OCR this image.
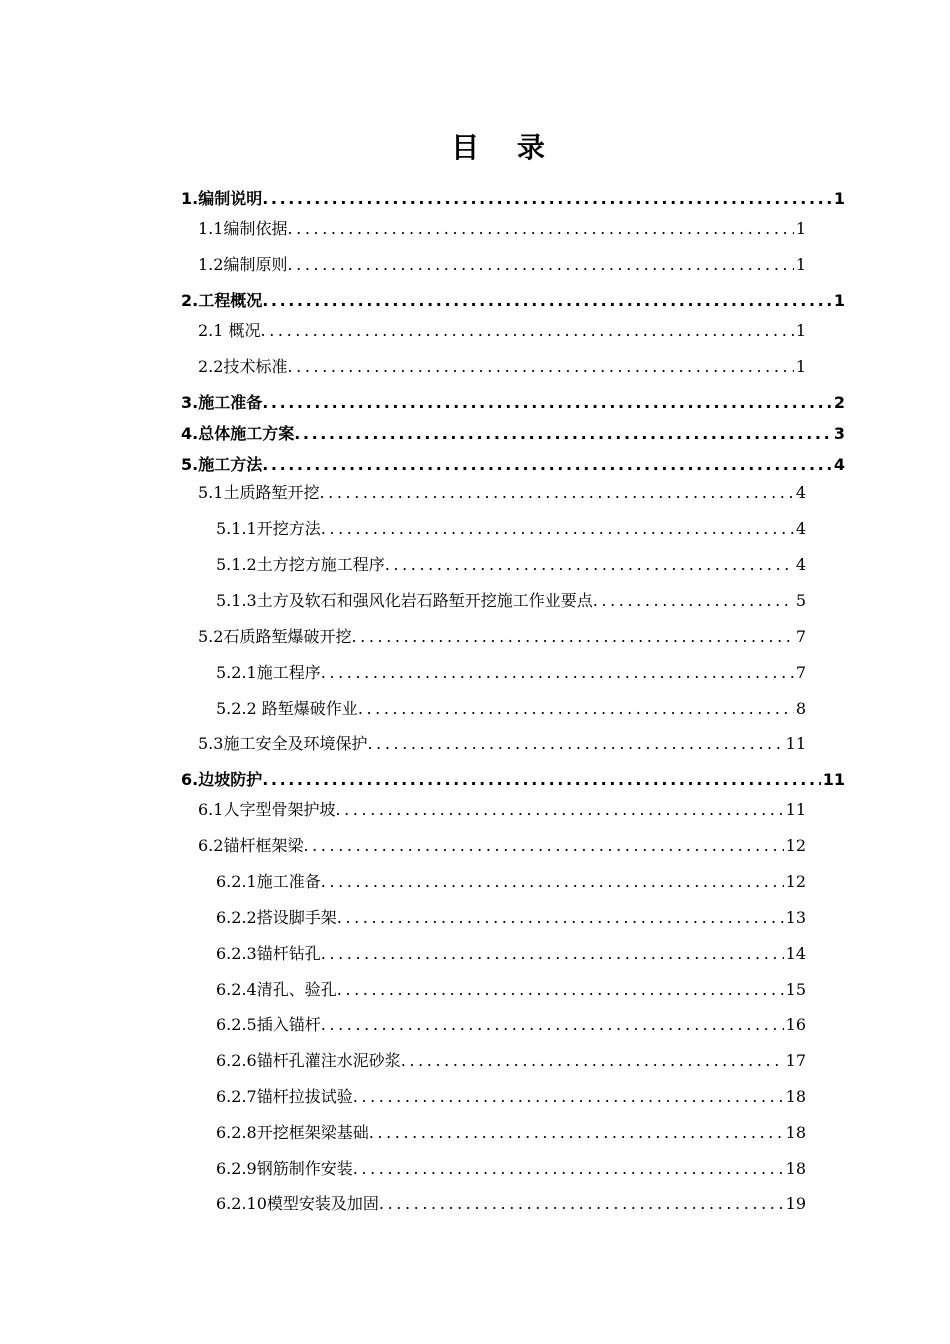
目 录
1.编制说明 .....	1
1.1编制依据 .....	1
1.2编制原则 .....	1
2.工程概况 .....	1
2.1 概况 .....	1
2.2技术标准 .....	1
3.施工准备 .....	2
4.总体施工方案 .....	3
5.施工方法 .....	4
5.1土质路堑开挖 .....	4
5.1.1开挖方法 .....	4
5.1.2土方挖方施工程序 .....	4
5.1.3土方及软石和强风化岩石路堑开挖施工作业要点 .....	5
5.2石质路堑爆破开挖 .....	7
5.2.1施工程序 .....	7
5.2.2 路堑爆破作业 .....	8
5.3施工安全及环境保护 .....	11
6.边坡防护 .....	11
6.1人字型骨架护坡 .....	11
6.2锚杆框架梁 .....	12
6.2.1施工准备 .....	12
6.2.2搭设脚手架 .....	13
6.2.3锚杆钻孔 .....	14
6.2.4清孔、验孔 .....	15
6.2.5插入锚杆 .....	16
6.2.6锚杆孔灌注水泥砂浆 .....	17
6.2.7锚杆拉拔试验 .....	18
6.2.8开挖框架梁基础 .....	18
6.2.9钢筋制作安装 .....	18
6.2.10模型安装及加固 .....	19
